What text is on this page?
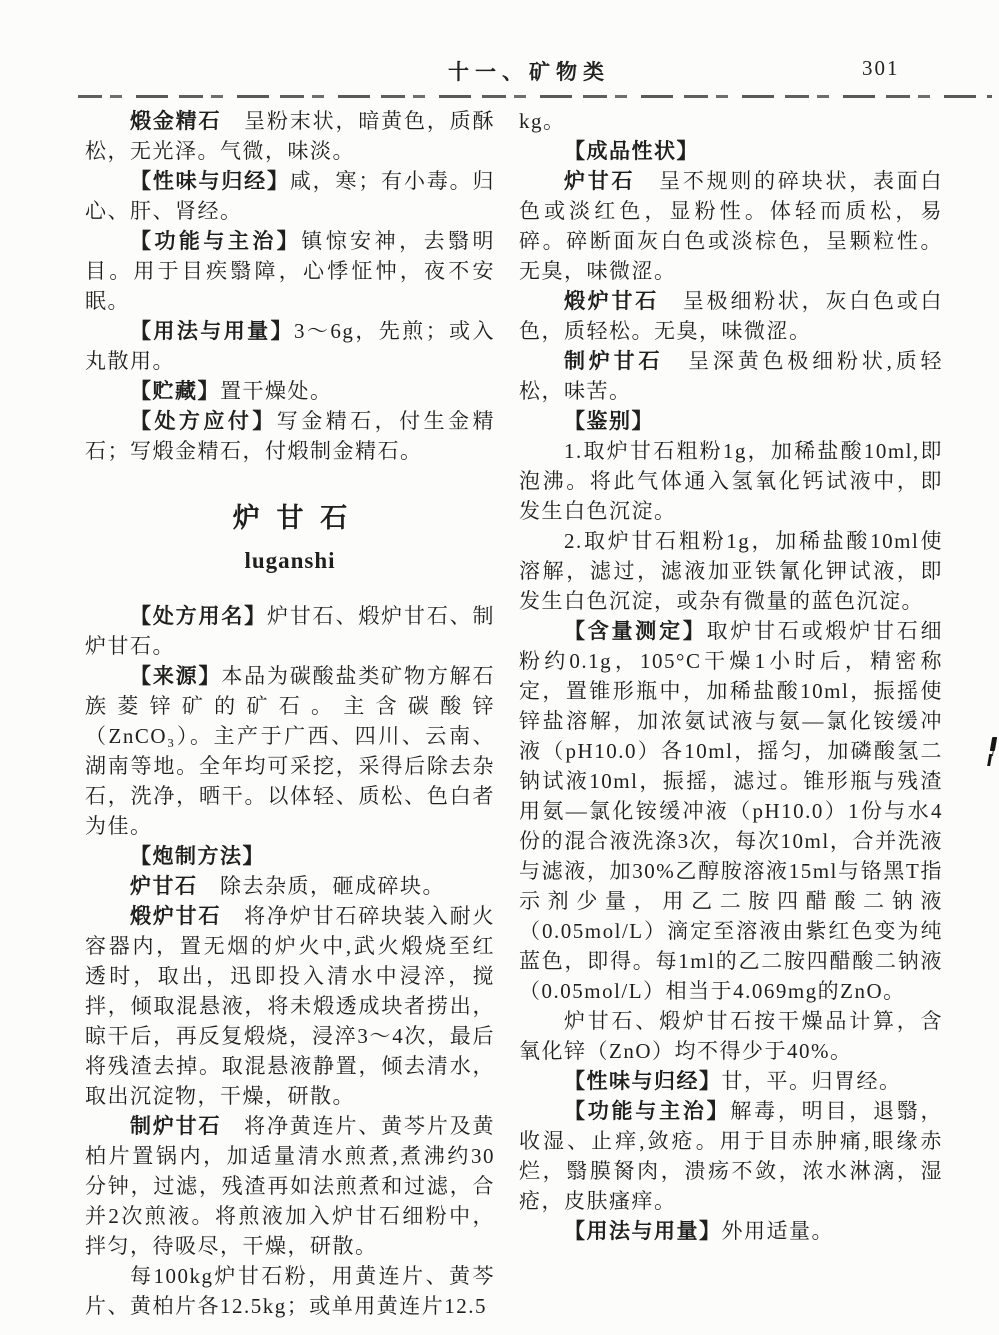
十一、矿物类	301

煅金精石　呈粉末状，暗黄色，质酥松，无光泽。气微，味淡。

【性味与归经】咸，寒；有小毒。归心、肝、肾经。

【功能与主治】镇惊安神，去翳明目。用于目疾翳障，心悸怔忡，夜不安眠。

【用法与用量】3～6g，先煎；或入丸散用。

【贮藏】置干燥处。

【处方应付】写金精石，付生金精石；写煅金精石，付煅制金精石。

炉 甘 石
luganshi

【处方用名】炉甘石、煅炉甘石、制炉甘石。

【来源】本品为碳酸盐类矿物方解石族菱锌矿的矿石。主含碳酸锌（ZnCO₃）。主产于广西、四川、云南、湖南等地。全年均可采挖，采得后除去杂石，洗净，晒干。以体轻、质松、色白者为佳。

【炮制方法】

炉甘石　除去杂质，砸成碎块。

煅炉甘石　将净炉甘石碎块装入耐火容器内，置无烟的炉火中,武火煅烧至红透时，取出，迅即投入清水中浸淬，搅拌，倾取混悬液，将未煅透成块者捞出，晾干后，再反复煅烧，浸淬3～4次，最后将残渣去掉。取混悬液静置，倾去清水，取出沉淀物，干燥，研散。

制炉甘石　将净黄连片、黄芩片及黄柏片置锅内，加适量清水煎煮,煮沸约30分钟，过滤，残渣再如法煎煮和过滤，合并2次煎液。将煎液加入炉甘石细粉中，拌匀，待吸尽，干燥，研散。

每100kg炉甘石粉，用黄连片、黄芩片、黄柏片各12.5kg；或单用黄连片12.5

kg。

【成品性状】

炉甘石　呈不规则的碎块状，表面白色或淡红色，显粉性。体轻而质松，易碎。碎断面灰白色或淡棕色，呈颗粒性。无臭，味微涩。

煅炉甘石　呈极细粉状，灰白色或白色，质轻松。无臭，味微涩。

制炉甘石　呈深黄色极细粉状,质轻松，味苦。

【鉴别】

1.取炉甘石粗粉1g，加稀盐酸10ml,即泡沸。将此气体通入氢氧化钙试液中，即发生白色沉淀。

2.取炉甘石粗粉1g，加稀盐酸10ml使溶解，滤过，滤液加亚铁氰化钾试液，即发生白色沉淀，或杂有微量的蓝色沉淀。

【含量测定】取炉甘石或煅炉甘石细粉约0.1g，105°C干燥1小时后，精密称定，置锥形瓶中，加稀盐酸10ml，振摇使锌盐溶解，加浓氨试液与氨—氯化铵缓冲液（pH10.0）各10ml，摇匀，加磷酸氢二钠试液10ml，振摇，滤过。锥形瓶与残渣用氨—氯化铵缓冲液（pH10.0）1份与水4份的混合液洗涤3次，每次10ml，合并洗液与滤液，加30%乙醇胺溶液15ml与铬黑T指示剂少量，用乙二胺四醋酸二钠液（0.05mol/L）滴定至溶液由紫红色变为纯蓝色，即得。每1ml的乙二胺四醋酸二钠液（0.05mol/L）相当于4.069mg的ZnO。

炉甘石、煅炉甘石按干燥品计算，含氧化锌（ZnO）均不得少于40%。

【性味与归经】甘，平。归胃经。

【功能与主治】解毒，明目，退翳，收湿、止痒,敛疮。用于目赤肿痛,眼缘赤烂，翳膜胬肉，溃疡不敛，浓水淋漓，湿疮，皮肤瘙痒。

【用法与用量】外用适量。
